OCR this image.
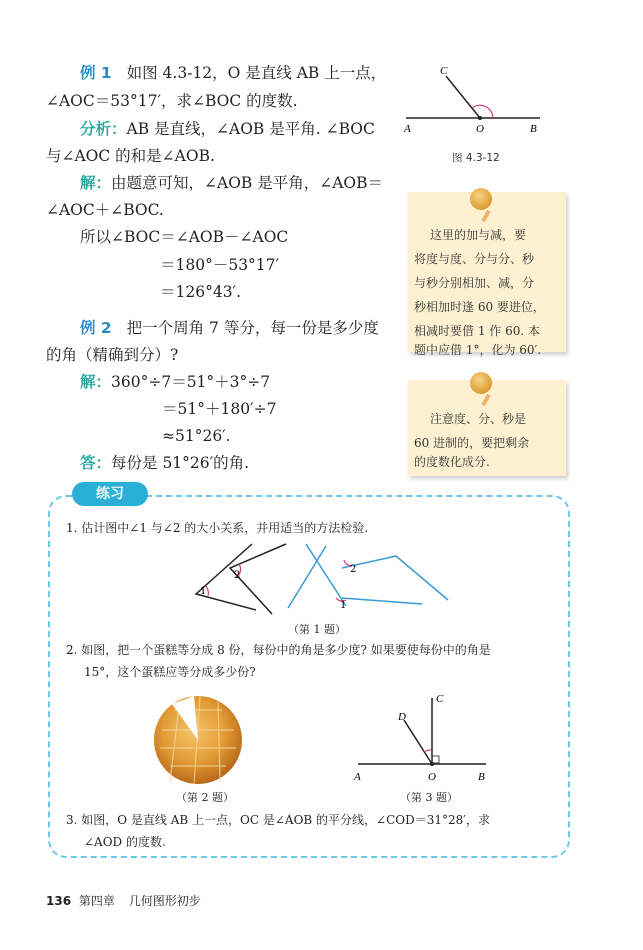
例 1 如图 4.3-12，O 是直线 AB 上一点，
∠AOC＝53°17′，求∠BOC 的度数.
分析：AB 是直线，∠AOB 是平角. ∠BOC
与∠AOC 的和是∠AOB.
解：由题意可知，∠AOB 是平角，∠AOB＝
∠AOC＋∠BOC.
所以∠BOC＝∠AOB－∠AOC
＝180°－53°17′
＝126°43′.
C
A	O	B
图 4.3-12
这里的加与减，要
将度与度、分与分、秒
与秒分别相加、减，分
秒相加时逢 60 要进位，
相减时要借 1 作 60. 本
题中应借 1°，化为 60′.
例 2 把一个周角 7 等分，每一份是多少度
的角（精确到分）?
解：360°÷7＝51°＋3°÷7
＝51°＋180′÷7
≈51°26′.
答：每份是 51°26′的角.
注意度、分、秒是
60 进制的，要把剩余
的度数化成分.
练习
1. 估计图中∠1 与∠2 的大小关系，并用适当的方法检验.
1
2
1
2
（第 1 题）
2. 如图，把一个蛋糕等分成 8 份，每份中的角是多少度? 如果要使每份中的角是
15°，这个蛋糕应等分成多少份?
（第 2 题）
C
D
A	O	B
（第 3 题）
3. 如图，O 是直线 AB 上一点，OC 是∠AOB 的平分线，∠COD＝31°28′，求
∠AOD 的度数.
136 第四章 几何图形初步
